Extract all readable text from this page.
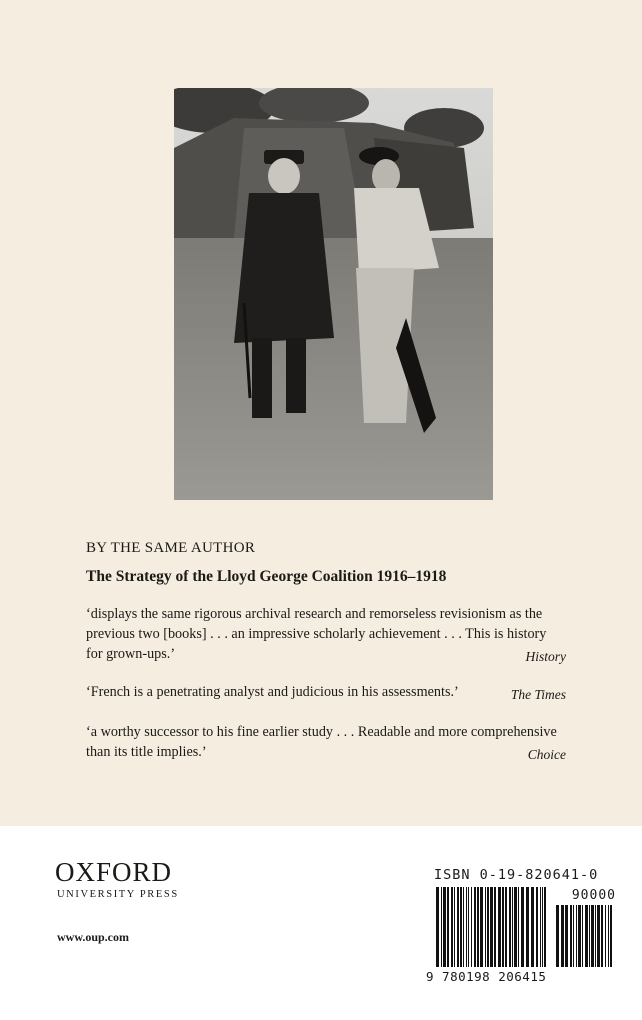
BY THE SAME AUTHOR
The Strategy of the Lloyd George Coalition 1916–1918
‘displays the same rigorous archival research and remorseless revisionism as the
previous two [books] . . . an impressive scholarly achievement . . . This is history
for grown-ups.’	History
‘French is a penetrating analyst and judicious in his assessments.’	The Times
‘a worthy successor to his fine earlier study . . . Readable and more comprehensive
than its title implies.’	Choice
OXFORD
UNIVERSITY PRESS
www.oup.com
ISBN 0-19-820641-0
90000
9 780198 206415
